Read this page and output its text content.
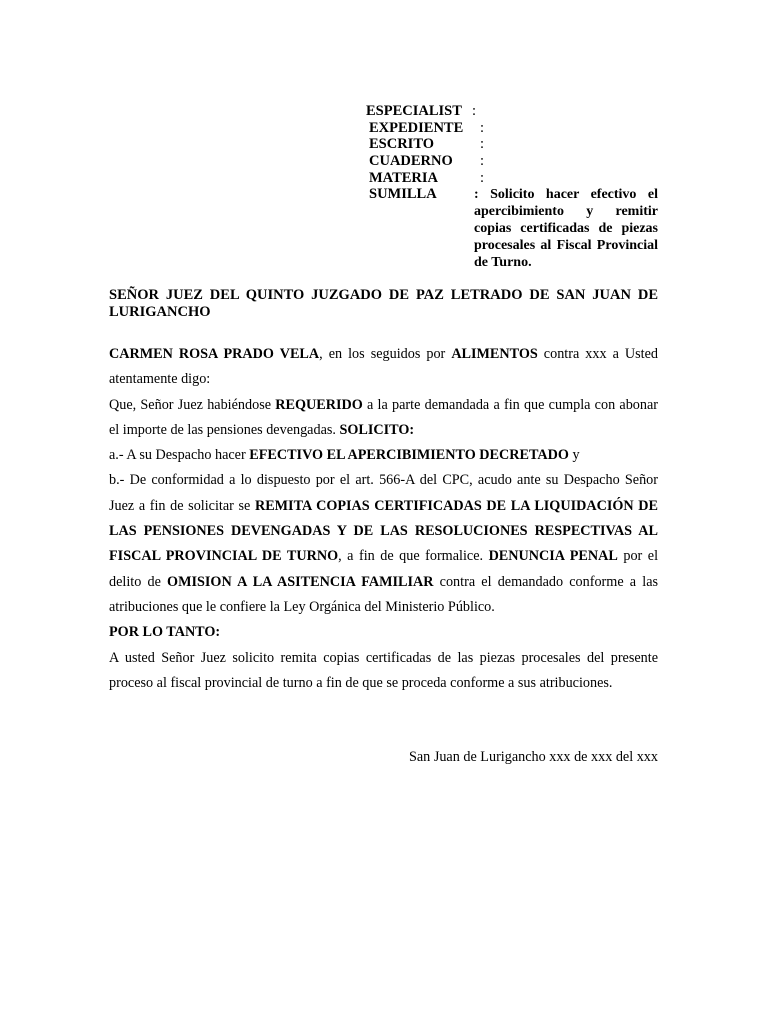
ESPECIALIST :
EXPEDIENTE :
ESCRITO	:
CUADERNO :
MATERIA	:
SUMILLA	: Solicito hacer efectivo el apercibimiento y remitir copias certificadas de piezas procesales al Fiscal Provincial de Turno.
SEÑOR JUEZ DEL QUINTO JUZGADO DE PAZ LETRADO DE SAN JUAN DE LURIGANCHO

CARMEN ROSA PRADO VELA, en los seguidos por ALIMENTOS contra xxx a Usted atentamente digo:

Que, Señor Juez habiéndose REQUERIDO a la parte demandada a fin que cumpla con abonar el importe de las pensiones devengadas. SOLICITO:

a.- A su Despacho hacer EFECTIVO EL APERCIBIMIENTO DECRETADO y

b.- De conformidad a lo dispuesto por el art. 566-A del CPC, acudo ante su Despacho Señor Juez a fin de solicitar se REMITA COPIAS CERTIFICADAS DE LA LIQUIDACIÓN DE LAS PENSIONES DEVENGADAS Y DE LAS RESOLUCIONES RESPECTIVAS AL FISCAL PROVINCIAL DE TURNO, a fin de que formalice. DENUNCIA PENAL por el delito de OMISION A LA ASITENCIA FAMILIAR contra el demandado conforme a las atribuciones que le confiere la Ley Orgánica del Ministerio Público.

POR LO TANTO:

A usted Señor Juez solicito remita copias certificadas de las piezas procesales del presente proceso al fiscal provincial de turno a fin de que se proceda conforme a sus atribuciones.

San Juan de Lurigancho xxx de xxx del xxx
